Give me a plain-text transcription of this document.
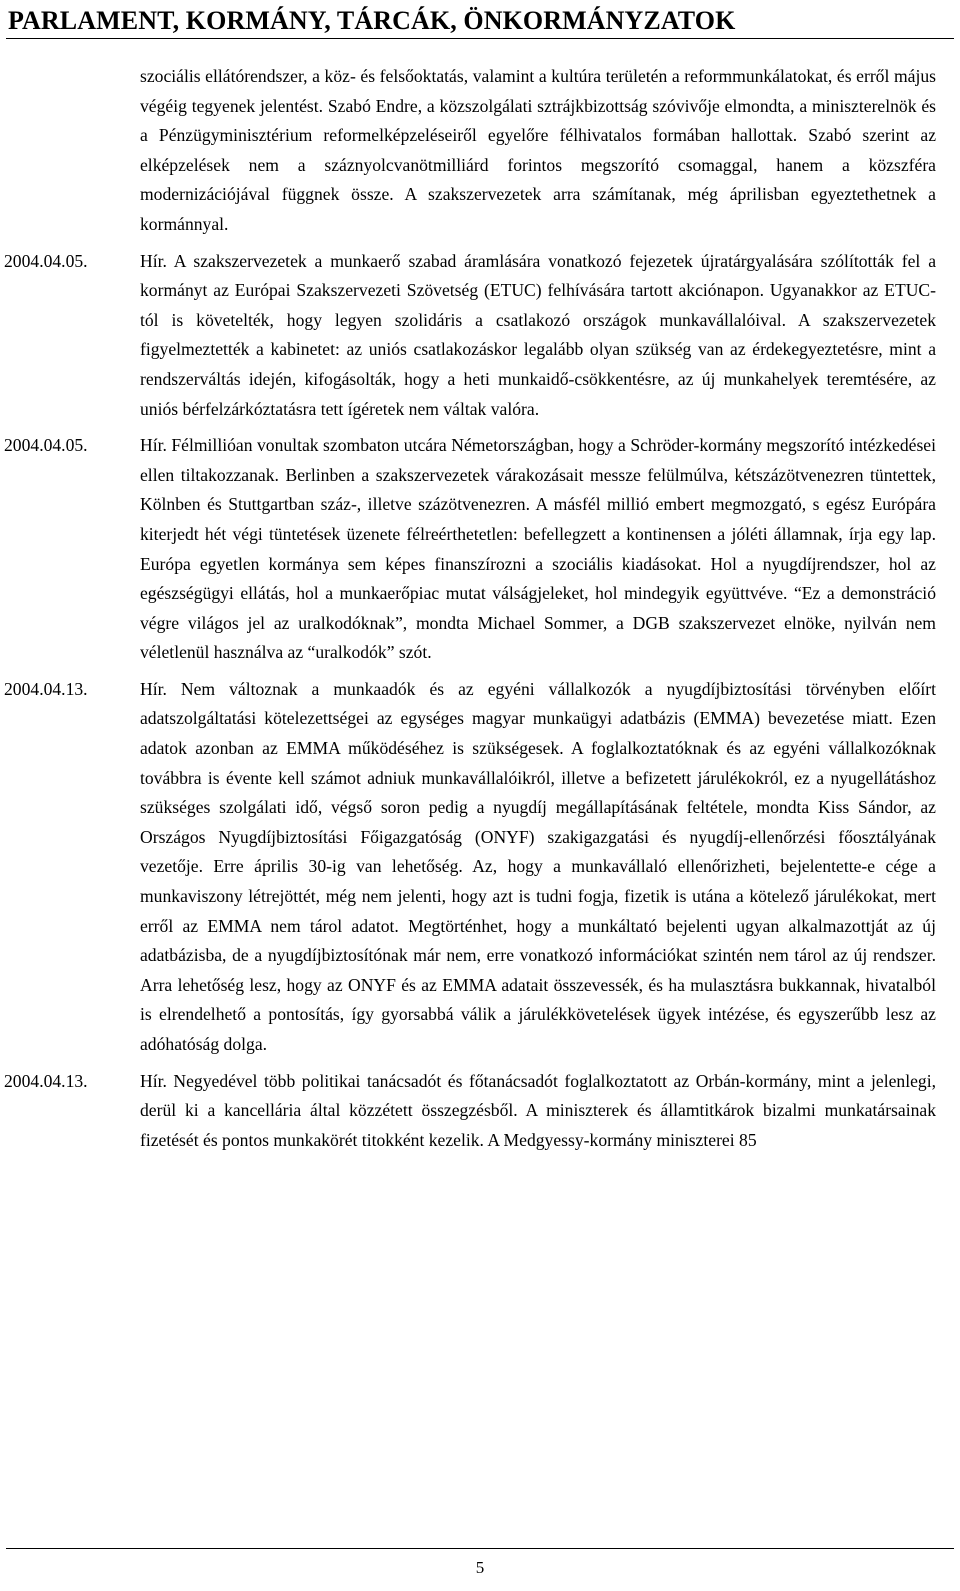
PARLAMENT, KORMÁNY, TÁRCÁK, ÖNKORMÁNYZATOK
szociális ellátórendszer, a köz- és felsőoktatás, valamint a kultúra területén a reformmunkálatokat, és erről május végéig tegyenek jelentést. Szabó Endre, a közszolgálati sztrájkbizottság szóvivője elmondta, a miniszterelnök és a Pénzügyminisztérium reformelképzeléseiről egyelőre félhivatalos formában hallottak. Szabó szerint az elképzelések nem a száznyolcvanötmilliárd forintos megszorító csomaggal, hanem a közszféra modernizációjával függnek össze. A szakszervezetek arra számítanak, még áprilisban egyeztethetnek a kormánnyal.
2004.04.05.	Hír. A szakszervezetek a munkaerő szabad áramlására vonatkozó fejezetek újratárgyalására szólították fel a kormányt az Európai Szakszervezeti Szövetség (ETUC) felhívására tartott akciónapon. Ugyanakkor az ETUC-tól is követelték, hogy legyen szolidáris a csatlakozó országok munkavállalóival. A szakszervezetek figyelmeztették a kabinetet: az uniós csatlakozáskor legalább olyan szükség van az érdekegyeztetésre, mint a rendszerváltás idején, kifogásolták, hogy a heti munkaidő-csökkentésre, az új munkahelyek teremtésére, az uniós bérfelzárkóztatásra tett ígéretek nem váltak valóra.
2004.04.05.	Hír. Félmillióan vonultak szombaton utcára Németországban, hogy a Schröder-kormány megszorító intézkedései ellen tiltakozzanak. Berlinben a szakszervezetek várakozásait messze felülmúlva, kétszázötvenezren tüntettek, Kölnben és Stuttgartban száz-, illetve százötvenezren. A másfél millió embert megmozgató, s egész Európára kiterjedt hét végi tüntetések üzenete félreérthetetlen: befellegzett a kontinensen a jóléti államnak, írja egy lap. Európa egyetlen kormánya sem képes finanszírozni a szociális kiadásokat. Hol a nyugdíjrendszer, hol az egészségügyi ellátás, hol a munkaerőpiac mutat válságjeleket, hol mindegyik együttvéve. “Ez a demonstráció végre világos jel az uralkodóknak”, mondta Michael Sommer, a DGB szakszervezet elnöke, nyilván nem véletlenül használva az “uralkodók” szót.
2004.04.13.	Hír. Nem változnak a munkaadók és az egyéni vállalkozók a nyugdíjbiztosítási törvényben előírt adatszolgáltatási kötelezettségei az egységes magyar munkaügyi adatbázis (EMMA) bevezetése miatt. Ezen adatok azonban az EMMA működéséhez is szükségesek. A foglalkoztatóknak és az egyéni vállalkozóknak továbbra is évente kell számot adniuk munkavállalóikról, illetve a befizetett járulékokról, ez a nyugellátáshoz szükséges szolgálati idő, végső soron pedig a nyugdíj megállapításának feltétele, mondta Kiss Sándor, az Országos Nyugdíjbiztosítási Főigazgatóság (ONYF) szakigazgatási és nyugdíj-ellenőrzési főosztályának vezetője. Erre április 30-ig van lehetőség. Az, hogy a munkavállaló ellenőrizheti, bejelentette-e cége a munkaviszony létrejöttét, még nem jelenti, hogy azt is tudni fogja, fizetik is utána a kötelező járulékokat, mert erről az EMMA nem tárol adatot. Megtörténhet, hogy a munkáltató bejelenti ugyan alkalmazottját az új adatbázisba, de a nyugdíjbiztosítónak már nem, erre vonatkozó információkat szintén nem tárol az új rendszer. Arra lehetőség lesz, hogy az ONYF és az EMMA adatait összevessék, és ha mulasztásra bukkannak, hivatalból is elrendelhető a pontosítás, így gyorsabbá válik a járulékkövetelések ügyek intézése, és egyszerűbb lesz az adóhatóság dolga.
2004.04.13.	Hír. Negyedével több politikai tanácsadót és főtanácsadót foglalkoztatott az Orbán-kormány, mint a jelenlegi, derül ki a kancellária által közzétett összegzésből. A miniszterek és államtitkárok bizalmi munkatársainak fizetését és pontos munkakörét titokként kezelik. A Medgyessy-kormány miniszterei 85
5
